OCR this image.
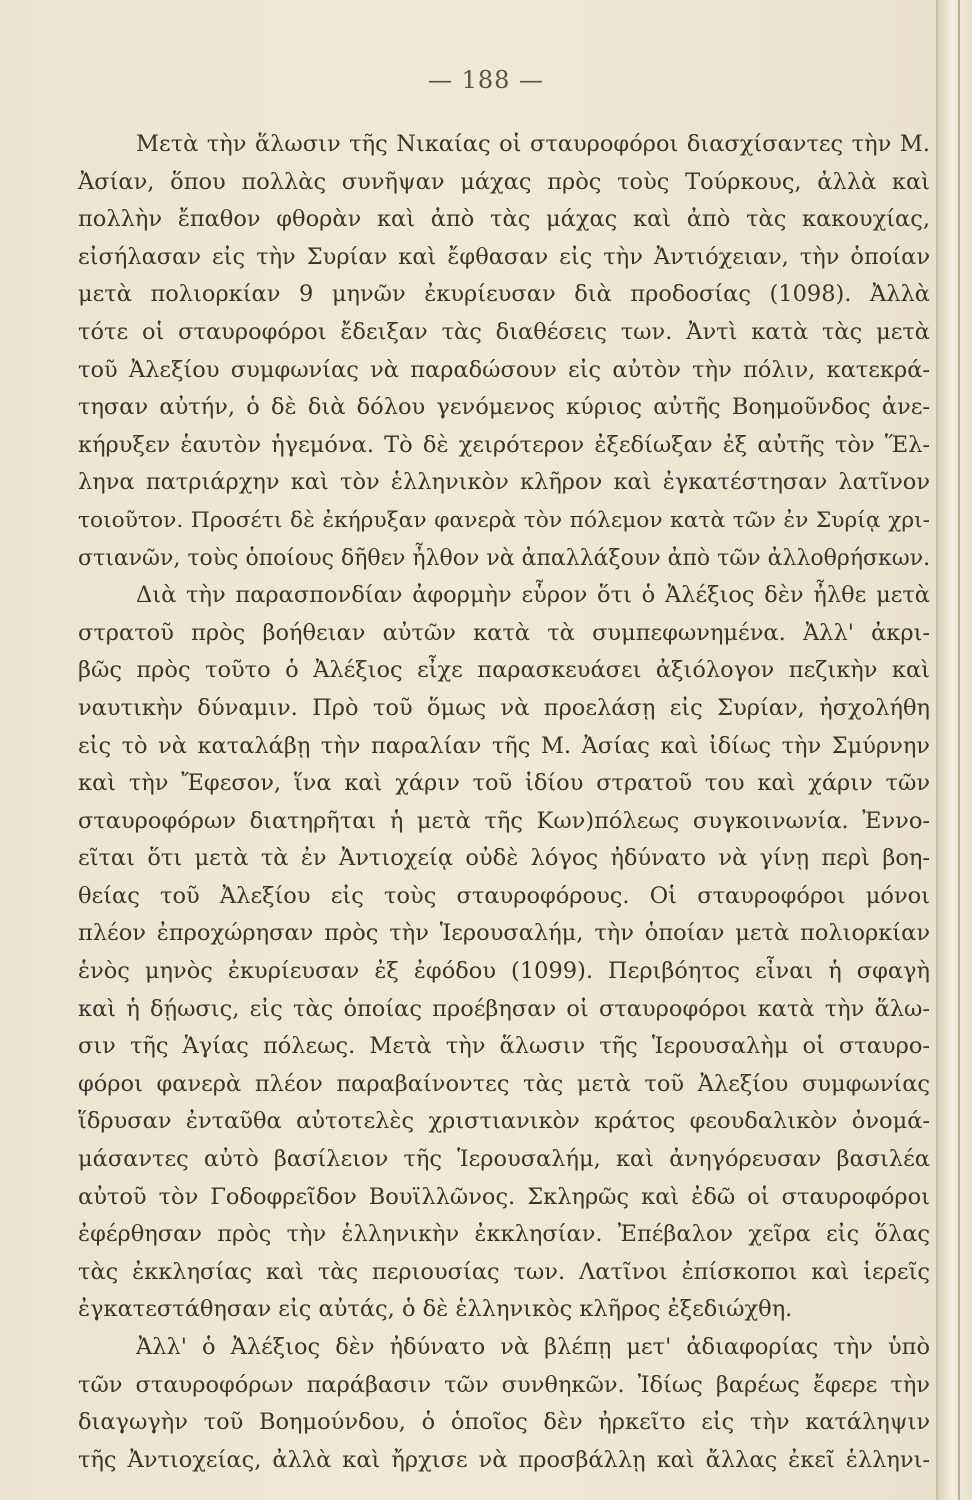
— 188 —
Μετὰ τὴν ἅλωσιν τῆς Νικαίας οἱ σταυροφόροι διασχίσαντες τὴν Μ.
Ἀσίαν, ὅπου πολλὰς συνῆψαν μάχας πρὸς τοὺς Τούρκους, ἀλλὰ καὶ
πολλὴν ἔπαθον φθορὰν καὶ ἀπὸ τὰς μάχας καὶ ἀπὸ τὰς κακουχίας,
εἰσήλασαν εἰς τὴν Συρίαν καὶ ἔφθασαν εἰς τὴν Ἀντιόχειαν, τὴν ὁποίαν
μετὰ πολιορκίαν 9 μηνῶν ἐκυρίευσαν διὰ προδοσίας (1098). Ἀλλὰ
τότε οἱ σταυροφόροι ἔδειξαν τὰς διαθέσεις των. Ἀντὶ κατὰ τὰς μετὰ
τοῦ Ἀλεξίου συμφωνίας νὰ παραδώσουν εἰς αὐτὸν τὴν πόλιν, κατεκρά-
τησαν αὐτήν, ὁ δὲ διὰ δόλου γενόμενος κύριος αὐτῆς Βοημοῦνδος ἀνε-
κήρυξεν ἑαυτὸν ἡγεμόνα. Τὸ δὲ χειρότερον ἐξεδίωξαν ἐξ αὐτῆς τὸν Ἕλ-
ληνα πατριάρχην καὶ τὸν ἑλληνικὸν κλῆρον καὶ ἐγκατέστησαν λατῖνον
τοιοῦτον. Προσέτι δὲ ἐκήρυξαν φανερὰ τὸν πόλεμον κατὰ τῶν ἐν Συρίᾳ χρι-
στιανῶν, τοὺς ὁποίους δῆθεν ἦλθον νὰ ἀπαλλάξουν ἀπὸ τῶν ἀλλοθρήσκων.
Διὰ τὴν παρασπονδίαν ἀφορμὴν εὗρον ὅτι ὁ Ἀλέξιος δὲν ἦλθε μετὰ
στρατοῦ πρὸς βοήθειαν αὐτῶν κατὰ τὰ συμπεφωνημένα. Ἀλλ' ἀκρι-
βῶς πρὸς τοῦτο ὁ Ἀλέξιος εἶχε παρασκευάσει ἀξιόλογον πεζικὴν καὶ
ναυτικὴν δύναμιν. Πρὸ τοῦ ὅμως νὰ προελάσῃ εἰς Συρίαν, ἠσχολήθη
εἰς τὸ νὰ καταλάβῃ τὴν παραλίαν τῆς Μ. Ἀσίας καὶ ἰδίως τὴν Σμύρνην
καὶ τὴν Ἔφεσον, ἵνα καὶ χάριν τοῦ ἰδίου στρατοῦ του καὶ χάριν τῶν
σταυροφόρων διατηρῆται ἡ μετὰ τῆς Κων)πόλεως συγκοινωνία. Ἐννο-
εῖται ὅτι μετὰ τὰ ἐν Ἀντιοχείᾳ οὐδὲ λόγος ἠδύνατο νὰ γίνῃ περὶ βοη-
θείας τοῦ Ἀλεξίου εἰς τοὺς σταυροφόρους. Οἱ σταυροφόροι μόνοι
πλέον ἐπροχώρησαν πρὸς τὴν Ἱερουσαλήμ, τὴν ὁποίαν μετὰ πολιορκίαν
ἑνὸς μηνὸς ἐκυρίευσαν ἐξ ἐφόδου (1099). Περιβόητος εἶναι ἡ σφαγὴ
καὶ ἡ δῄωσις, εἰς τὰς ὁποίας προέβησαν οἱ σταυροφόροι κατὰ τὴν ἅλω-
σιν τῆς Ἁγίας πόλεως. Μετὰ τὴν ἅλωσιν τῆς Ἱερουσαλὴμ οἱ σταυρο-
φόροι φανερὰ πλέον παραβαίνοντες τὰς μετὰ τοῦ Ἀλεξίου συμφωνίας
ἵδρυσαν ἐνταῦθα αὐτοτελὲς χριστιανικὸν κράτος φεουδαλικὸν ὀνομά-
μάσαντες αὐτὸ βασίλειον τῆς Ἱερουσαλήμ, καὶ ἀνηγόρευσαν βασιλέα
αὐτοῦ τὸν Γοδοφρεῖδον Βουϊλλῶνος. Σκληρῶς καὶ ἐδῶ οἱ σταυροφόροι
ἐφέρθησαν πρὸς τὴν ἑλληνικὴν ἐκκλησίαν. Ἐπέβαλον χεῖρα εἰς ὅλας
τὰς ἐκκλησίας καὶ τὰς περιουσίας των. Λατῖνοι ἐπίσκοποι καὶ ἱερεῖς
ἐγκατεστάθησαν εἰς αὐτάς, ὁ δὲ ἑλληνικὸς κλῆρος ἐξεδιώχθη.
Ἀλλ' ὁ Ἀλέξιος δὲν ἠδύνατο νὰ βλέπῃ μετ' ἀδιαφορίας τὴν ὑπὸ
τῶν σταυροφόρων παράβασιν τῶν συνθηκῶν. Ἰδίως βαρέως ἔφερε τὴν
διαγωγὴν τοῦ Βοημούνδου, ὁ ὁποῖος δὲν ἠρκεῖτο εἰς τὴν κατάληψιν
τῆς Ἀντιοχείας, ἀλλὰ καὶ ἤρχισε νὰ προσβάλλῃ καὶ ἄλλας ἐκεῖ ἑλληνι-
